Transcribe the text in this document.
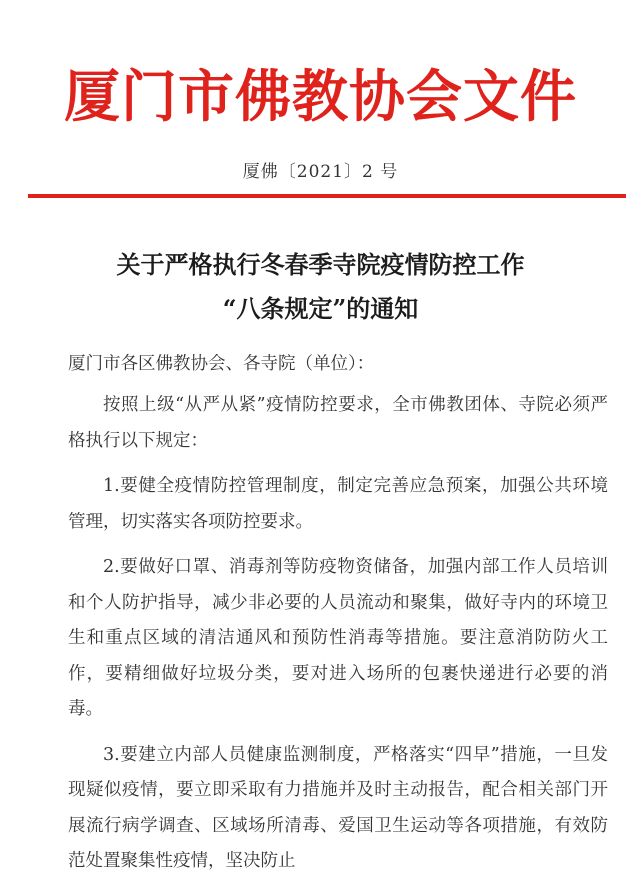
厦门市佛教协会文件
厦佛〔2021〕2 号
关于严格执行冬春季寺院疫情防控工作
“八条规定”的通知

厦门市各区佛教协会、各寺院（单位）：

按照上级“从严从紧”疫情防控要求，全市佛教团体、寺院必须严格执行以下规定：

1.要健全疫情防控管理制度，制定完善应急预案，加强公共环境管理，切实落实各项防控要求。

2.要做好口罩、消毒剂等防疫物资储备，加强内部工作人员培训和个人防护指导，减少非必要的人员流动和聚集，做好寺内的环境卫生和重点区域的清洁通风和预防性消毒等措施。要注意消防防火工作，要精细做好垃圾分类，要对进入场所的包裹快递进行必要的消毒。

3.要建立内部人员健康监测制度，严格落实“四早”措施，一旦发现疑似疫情，要立即采取有力措施并及时主动报告，配合相关部门开展流行病学调查、区域场所清毒、爱国卫生运动等各项措施，有效防范处置聚集性疫情，坚决防止
